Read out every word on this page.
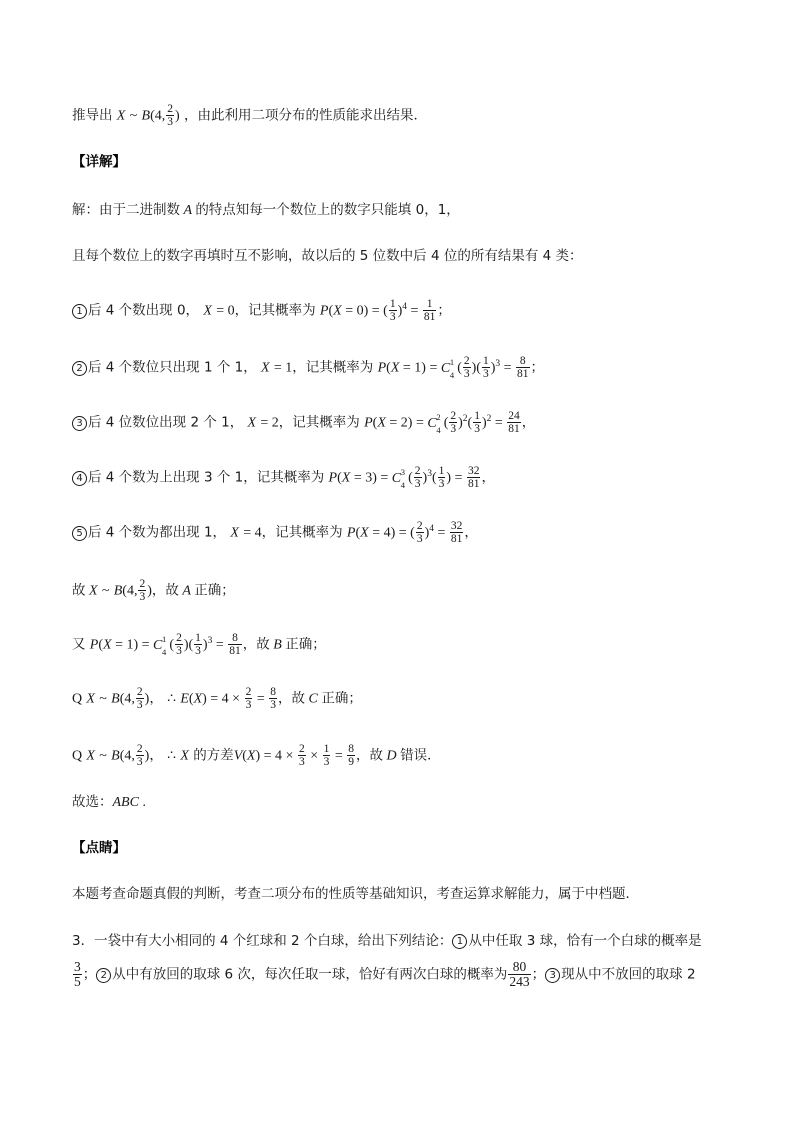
推导出 X ~ B(4, $\frac{2}{3}$ ) ，由此利用二项分布的性质能求出结果．
【详解】
解：由于二进制数 A 的特点知每一个数位上的数字只能填 0，1，
且每个数位上的数字再填时互不影响，故以后的 5 位数中后 4 位的所有结果有 4 类：
1 后 4 个数出现 0， X = 0，记其概率为 P(X = 0) = ( $\frac{1}{3} )^4 = \frac{1}{81}$ ；
2 后 4 个数位只出现 1 个 1， X = 1，记其概率为 P(X = 1) = C 1
4 ( $\frac{2}{3}$ )( $\frac{1}{3} )^3 = \frac{8}{81}$ ；
3 后 4 位数位出现 2 个 1， X = 2，记其概率为 P(X = 2) = C 2
4 ( $\frac{2}{3} )^2( \frac{1}{3} )^2 = \frac{24}{81}$ ，
4 后 4 个数为上出现 3 个 1，记其概率为 P(X = 3) = C 3
4 ( $\frac{2}{3} )^3( \frac{1}{3}$ ) = $\frac{32}{81}$ ，
5 后 4 个数为都出现 1， X = 4，记其概率为 P(X = 4) = ( $\frac{2}{3} )^4 = \frac{32}{81}$ ，
故 X ~ B(4, $\frac{2}{3}$ )，故 A 正确；
又 P(X = 1) = C 1
4 ( $\frac{2}{3}$ )( $\frac{1}{3} )^3 = \frac{8}{81}$ ，故 B 正确；
Q X ~ B(4, $\frac{2}{3}$ )， ∴ $E(X) = 4 \times \frac{2}{3} = \frac{8}{3}$ ，故 C 正确；
Q X ~ B(4, $\frac{2}{3}$ )， ∴ X 的方差$V(X) = 4 \times \frac{2}{3} \times \frac{1}{3} = \frac{8}{9}$ ，故 D 错误．
故选：ABC .
【点睛】
本题考查命题真假的判断，考查二项分布的性质等基础知识，考查运算求解能力，属于中档题．
3．一袋中有大小相同的 4 个红球和 2 个白球，给出下列结论： 1 从中任取 3 球，恰有一个白球的概率是
$\frac{3}{5}$ ； 2 从中有放回的取球 6 次，每次任取一球，恰好有两次白球的概率为 $\frac{80}{243}$ ； 3 现从中不放回的取球 2
